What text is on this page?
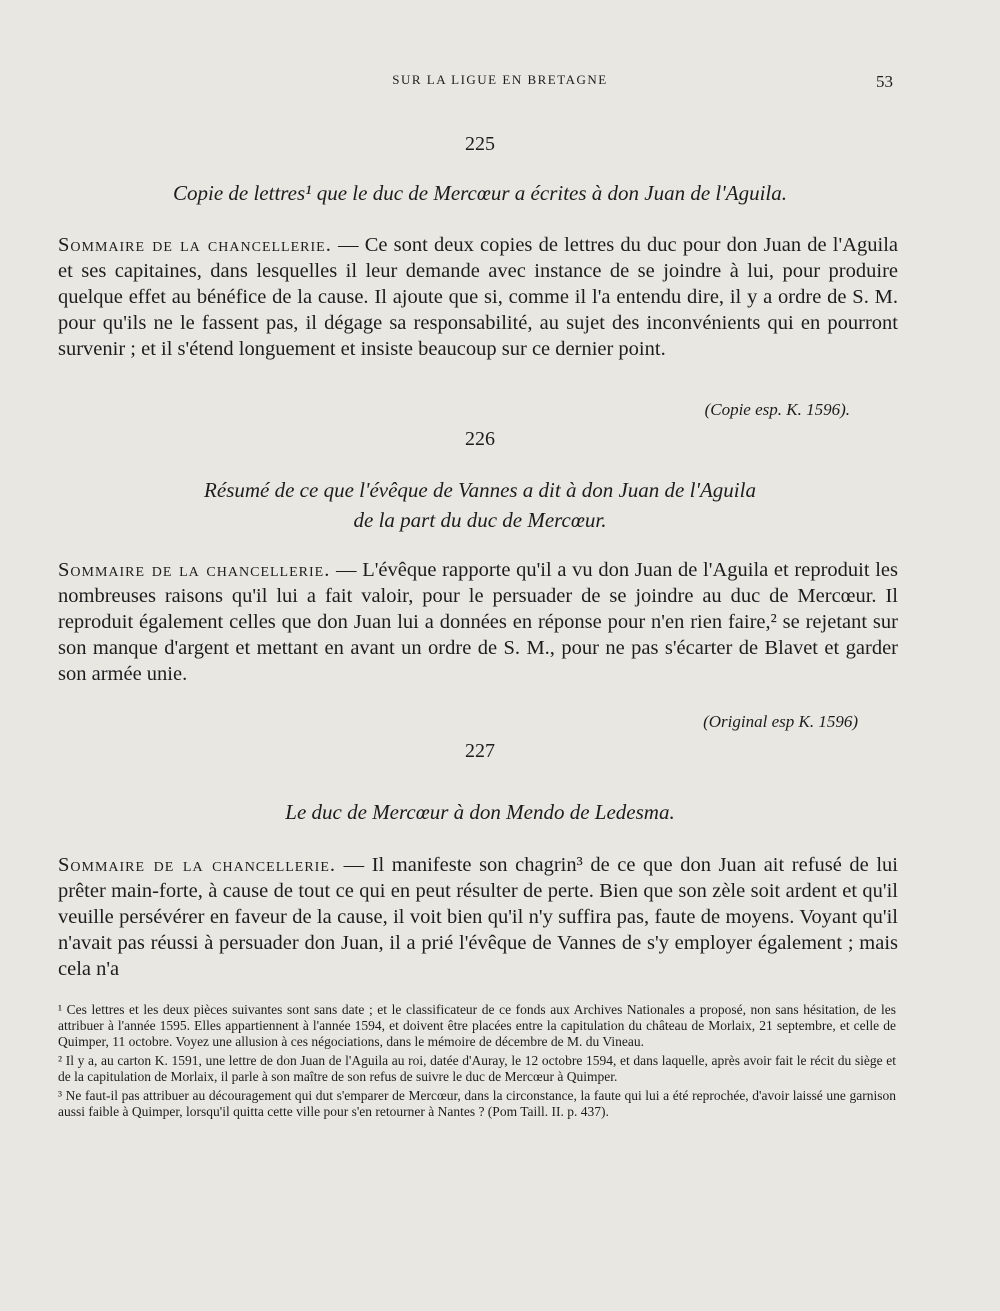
SUR LA LIGUE EN BRETAGNE	53
225
Copie de lettres¹ que le duc de Mercœur a écrites à don Juan de l'Aguila.
Sommaire de la chancellerie. — Ce sont deux copies de lettres du duc pour don Juan de l'Aguila et ses capitaines, dans lesquelles il leur demande avec instance de se joindre à lui, pour produire quelque effet au bénéfice de la cause. Il ajoute que si, comme il l'a entendu dire, il y a ordre de S. M. pour qu'ils ne le fassent pas, il dégage sa responsabilité, au sujet des inconvénients qui en pourront survenir ; et il s'étend longuement et insiste beaucoup sur ce dernier point.
(Copie esp. K. 1596).
226
Résumé de ce que l'évêque de Vannes a dit à don Juan de l'Aguila
de la part du duc de Mercœur.
Sommaire de la chancellerie. — L'évêque rapporte qu'il a vu don Juan de l'Aguila et reproduit les nombreuses raisons qu'il lui a fait valoir, pour le persuader de se joindre au duc de Mercœur. Il reproduit également celles que don Juan lui a données en réponse pour n'en rien faire,² se rejetant sur son manque d'argent et mettant en avant un ordre de S. M., pour ne pas s'écarter de Blavet et garder son armée unie.
(Original esp K. 1596)
227
Le duc de Mercœur à don Mendo de Ledesma.
Sommaire de la chancellerie. — Il manifeste son chagrin³ de ce que don Juan ait refusé de lui prêter main-forte, à cause de tout ce qui en peut résulter de perte. Bien que son zèle soit ardent et qu'il veuille persévérer en faveur de la cause, il voit bien qu'il n'y suffira pas, faute de moyens. Voyant qu'il n'avait pas réussi à persuader don Juan, il a prié l'évêque de Vannes de s'y employer également ; mais cela n'a
¹ Ces lettres et les deux pièces suivantes sont sans date ; et le classificateur de ce fonds aux Archives Nationales a proposé, non sans hésitation, de les attribuer à l'année 1595. Elles appartiennent à l'année 1594, et doivent être placées entre la capitulation du château de Morlaix, 21 septembre, et celle de Quimper, 11 octobre. Voyez une allusion à ces négociations, dans le mémoire de décembre de M. du Vineau.
² Il y a, au carton K. 1591, une lettre de don Juan de l'Aguila au roi, datée d'Auray, le 12 octobre 1594, et dans laquelle, après avoir fait le récit du siège et de la capitulation de Morlaix, il parle à son maître de son refus de suivre le duc de Mercœur à Quimper.
³ Ne faut-il pas attribuer au découragement qui dut s'emparer de Mercœur, dans la circonstance, la faute qui lui a été reprochée, d'avoir laissé une garnison aussi faible à Quimper, lorsqu'il quitta cette ville pour s'en retourner à Nantes ? (Pom Taill. II. p. 437).
